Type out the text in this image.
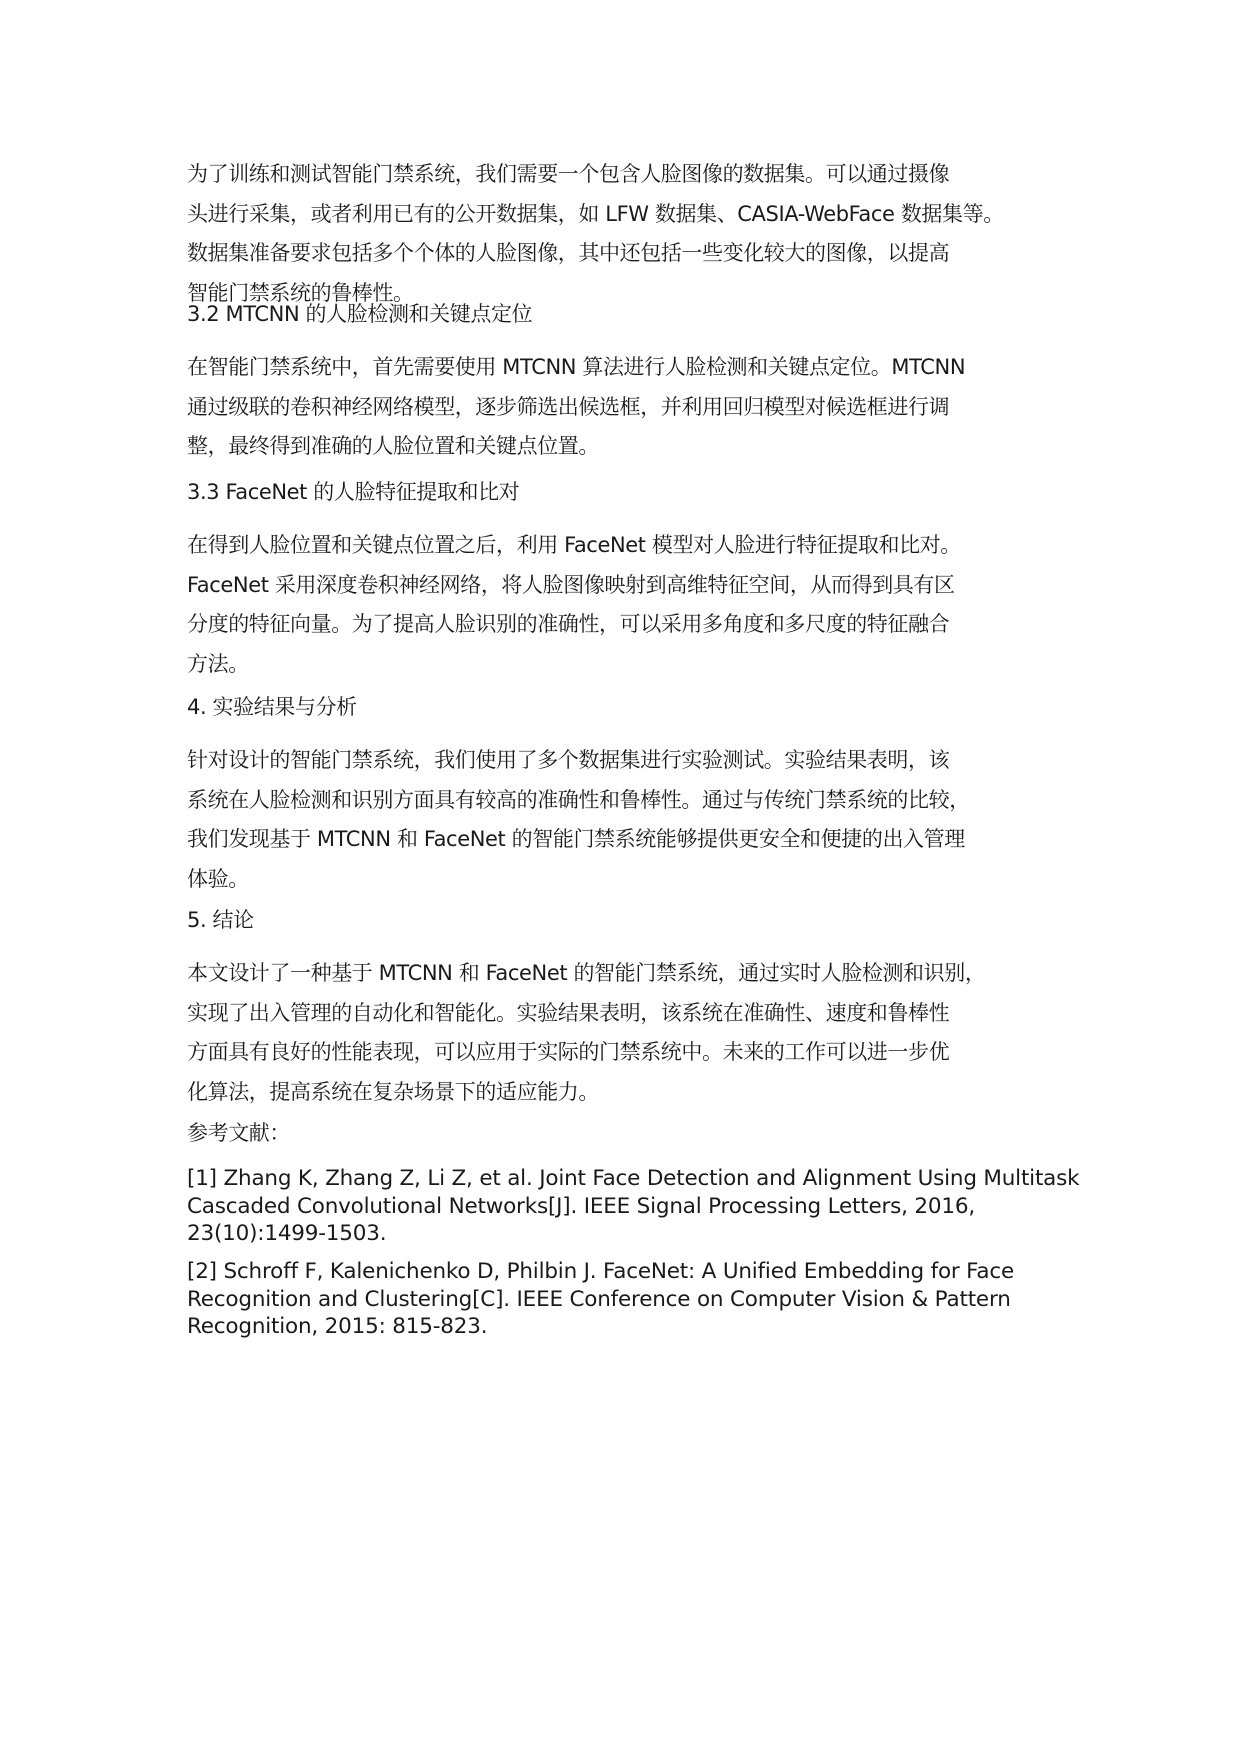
为了训练和测试智能门禁系统，我们需要一个包含人脸图像的数据集。可以通过摄像
头进行采集，或者利用已有的公开数据集，如 LFW 数据集、CASIA-WebFace 数据集等。
数据集准备要求包括多个个体的人脸图像，其中还包括一些变化较大的图像，以提高
智能门禁系统的鲁棒性。
3.2 MTCNN 的人脸检测和关键点定位
在智能门禁系统中，首先需要使用 MTCNN 算法进行人脸检测和关键点定位。MTCNN
通过级联的卷积神经网络模型，逐步筛选出候选框，并利用回归模型对候选框进行调
整，最终得到准确的人脸位置和关键点位置。
3.3 FaceNet 的人脸特征提取和比对
在得到人脸位置和关键点位置之后，利用 FaceNet 模型对人脸进行特征提取和比对。
FaceNet 采用深度卷积神经网络，将人脸图像映射到高维特征空间，从而得到具有区
分度的特征向量。为了提高人脸识别的准确性，可以采用多角度和多尺度的特征融合
方法。
4. 实验结果与分析
针对设计的智能门禁系统，我们使用了多个数据集进行实验测试。实验结果表明，该
系统在人脸检测和识别方面具有较高的准确性和鲁棒性。通过与传统门禁系统的比较，
我们发现基于 MTCNN 和 FaceNet 的智能门禁系统能够提供更安全和便捷的出入管理
体验。
5. 结论
本文设计了一种基于 MTCNN 和 FaceNet 的智能门禁系统，通过实时人脸检测和识别，
实现了出入管理的自动化和智能化。实验结果表明，该系统在准确性、速度和鲁棒性
方面具有良好的性能表现，可以应用于实际的门禁系统中。未来的工作可以进一步优
化算法，提高系统在复杂场景下的适应能力。
参考文献：
[1] Zhang K, Zhang Z, Li Z, et al. Joint Face Detection and Alignment Using Multitask
Cascaded Convolutional Networks[J]. IEEE Signal Processing Letters, 2016,
23(10):1499-1503.
[2] Schroff F, Kalenichenko D, Philbin J. FaceNet: A Unified Embedding for Face
Recognition and Clustering[C]. IEEE Conference on Computer Vision & Pattern
Recognition, 2015: 815-823.
